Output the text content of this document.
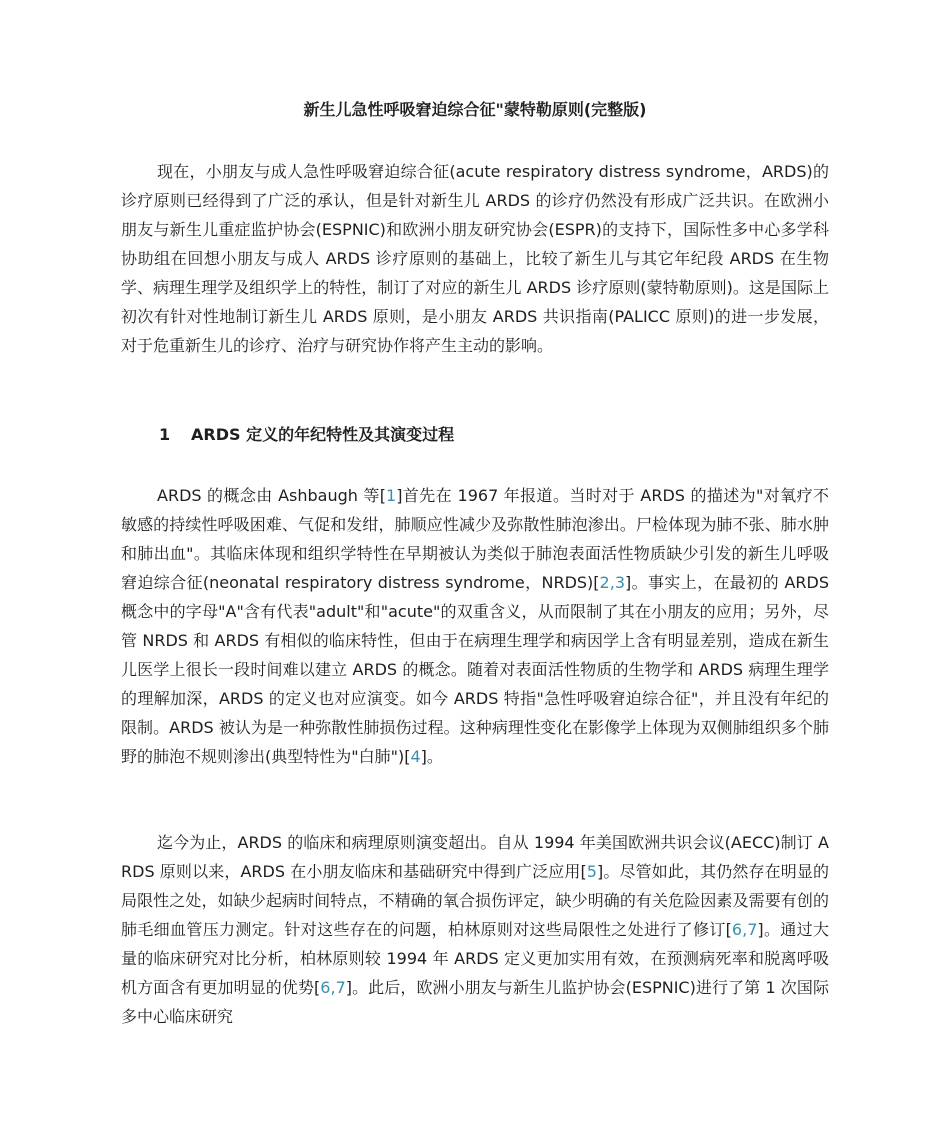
新生儿急性呼吸窘迫综合征"蒙特勒原则(完整版)

现在，小朋友与成人急性呼吸窘迫综合征(acute respiratory distress syndrome，ARDS)的诊疗原则已经得到了广泛的承认，但是针对新生儿 ARDS 的诊疗仍然没有形成广泛共识。在欧洲小朋友与新生儿重症监护协会(ESPNIC)和欧洲小朋友研究协会(ESPR)的支持下，国际性多中心多学科协助组在回想小朋友与成人 ARDS 诊疗原则的基础上，比较了新生儿与其它年纪段 ARDS 在生物学、病理生理学及组织学上的特性，制订了对应的新生儿 ARDS 诊疗原则(蒙特勒原则)。这是国际上初次有针对性地制订新生儿 ARDS 原则，是小朋友 ARDS 共识指南(PALICC 原则)的进一步发展，对于危重新生儿的诊疗、治疗与研究协作将产生主动的影响。

1 ARDS 定义的年纪特性及其演变过程

ARDS 的概念由 Ashbaugh 等[1]首先在 1967 年报道。当时对于 ARDS 的描述为"对氧疗不敏感的持续性呼吸困难、气促和发绀，肺顺应性减少及弥散性肺泡渗出。尸检体现为肺不张、肺水肿和肺出血"。其临床体现和组织学特性在早期被认为类似于肺泡表面活性物质缺少引发的新生儿呼吸窘迫综合征(neonatal respiratory distress syndrome，NRDS)[2,3]。事实上，在最初的 ARDS 概念中的字母"A"含有代表"adult"和"acute"的双重含义，从而限制了其在小朋友的应用；另外，尽管 NRDS 和 ARDS 有相似的临床特性，但由于在病理生理学和病因学上含有明显差别，造成在新生儿医学上很长一段时间难以建立 ARDS 的概念。随着对表面活性物质的生物学和 ARDS 病理生理学的理解加深，ARDS 的定义也对应演变。如今 ARDS 特指"急性呼吸窘迫综合征"，并且没有年纪的限制。ARDS 被认为是一种弥散性肺损伤过程。这种病理性变化在影像学上体现为双侧肺组织多个肺野的肺泡不规则渗出(典型特性为"白肺")[4]。

迄今为止，ARDS 的临床和病理原则演变超出。自从 1994 年美国欧洲共识会议(AECC)制订 ARDS 原则以来，ARDS 在小朋友临床和基础研究中得到广泛应用[5]。尽管如此，其仍然存在明显的局限性之处，如缺少起病时间特点，不精确的氧合损伤评定，缺少明确的有关危险因素及需要有创的肺毛细血管压力测定。针对这些存在的问题，柏林原则对这些局限性之处进行了修订[6,7]。通过大量的临床研究对比分析，柏林原则较 1994 年 ARDS 定义更加实用有效，在预测病死率和脱离呼吸机方面含有更加明显的优势[6,7]。此后，欧洲小朋友与新生儿监护协会(ESPNIC)进行了第 1 次国际多中心临床研究
